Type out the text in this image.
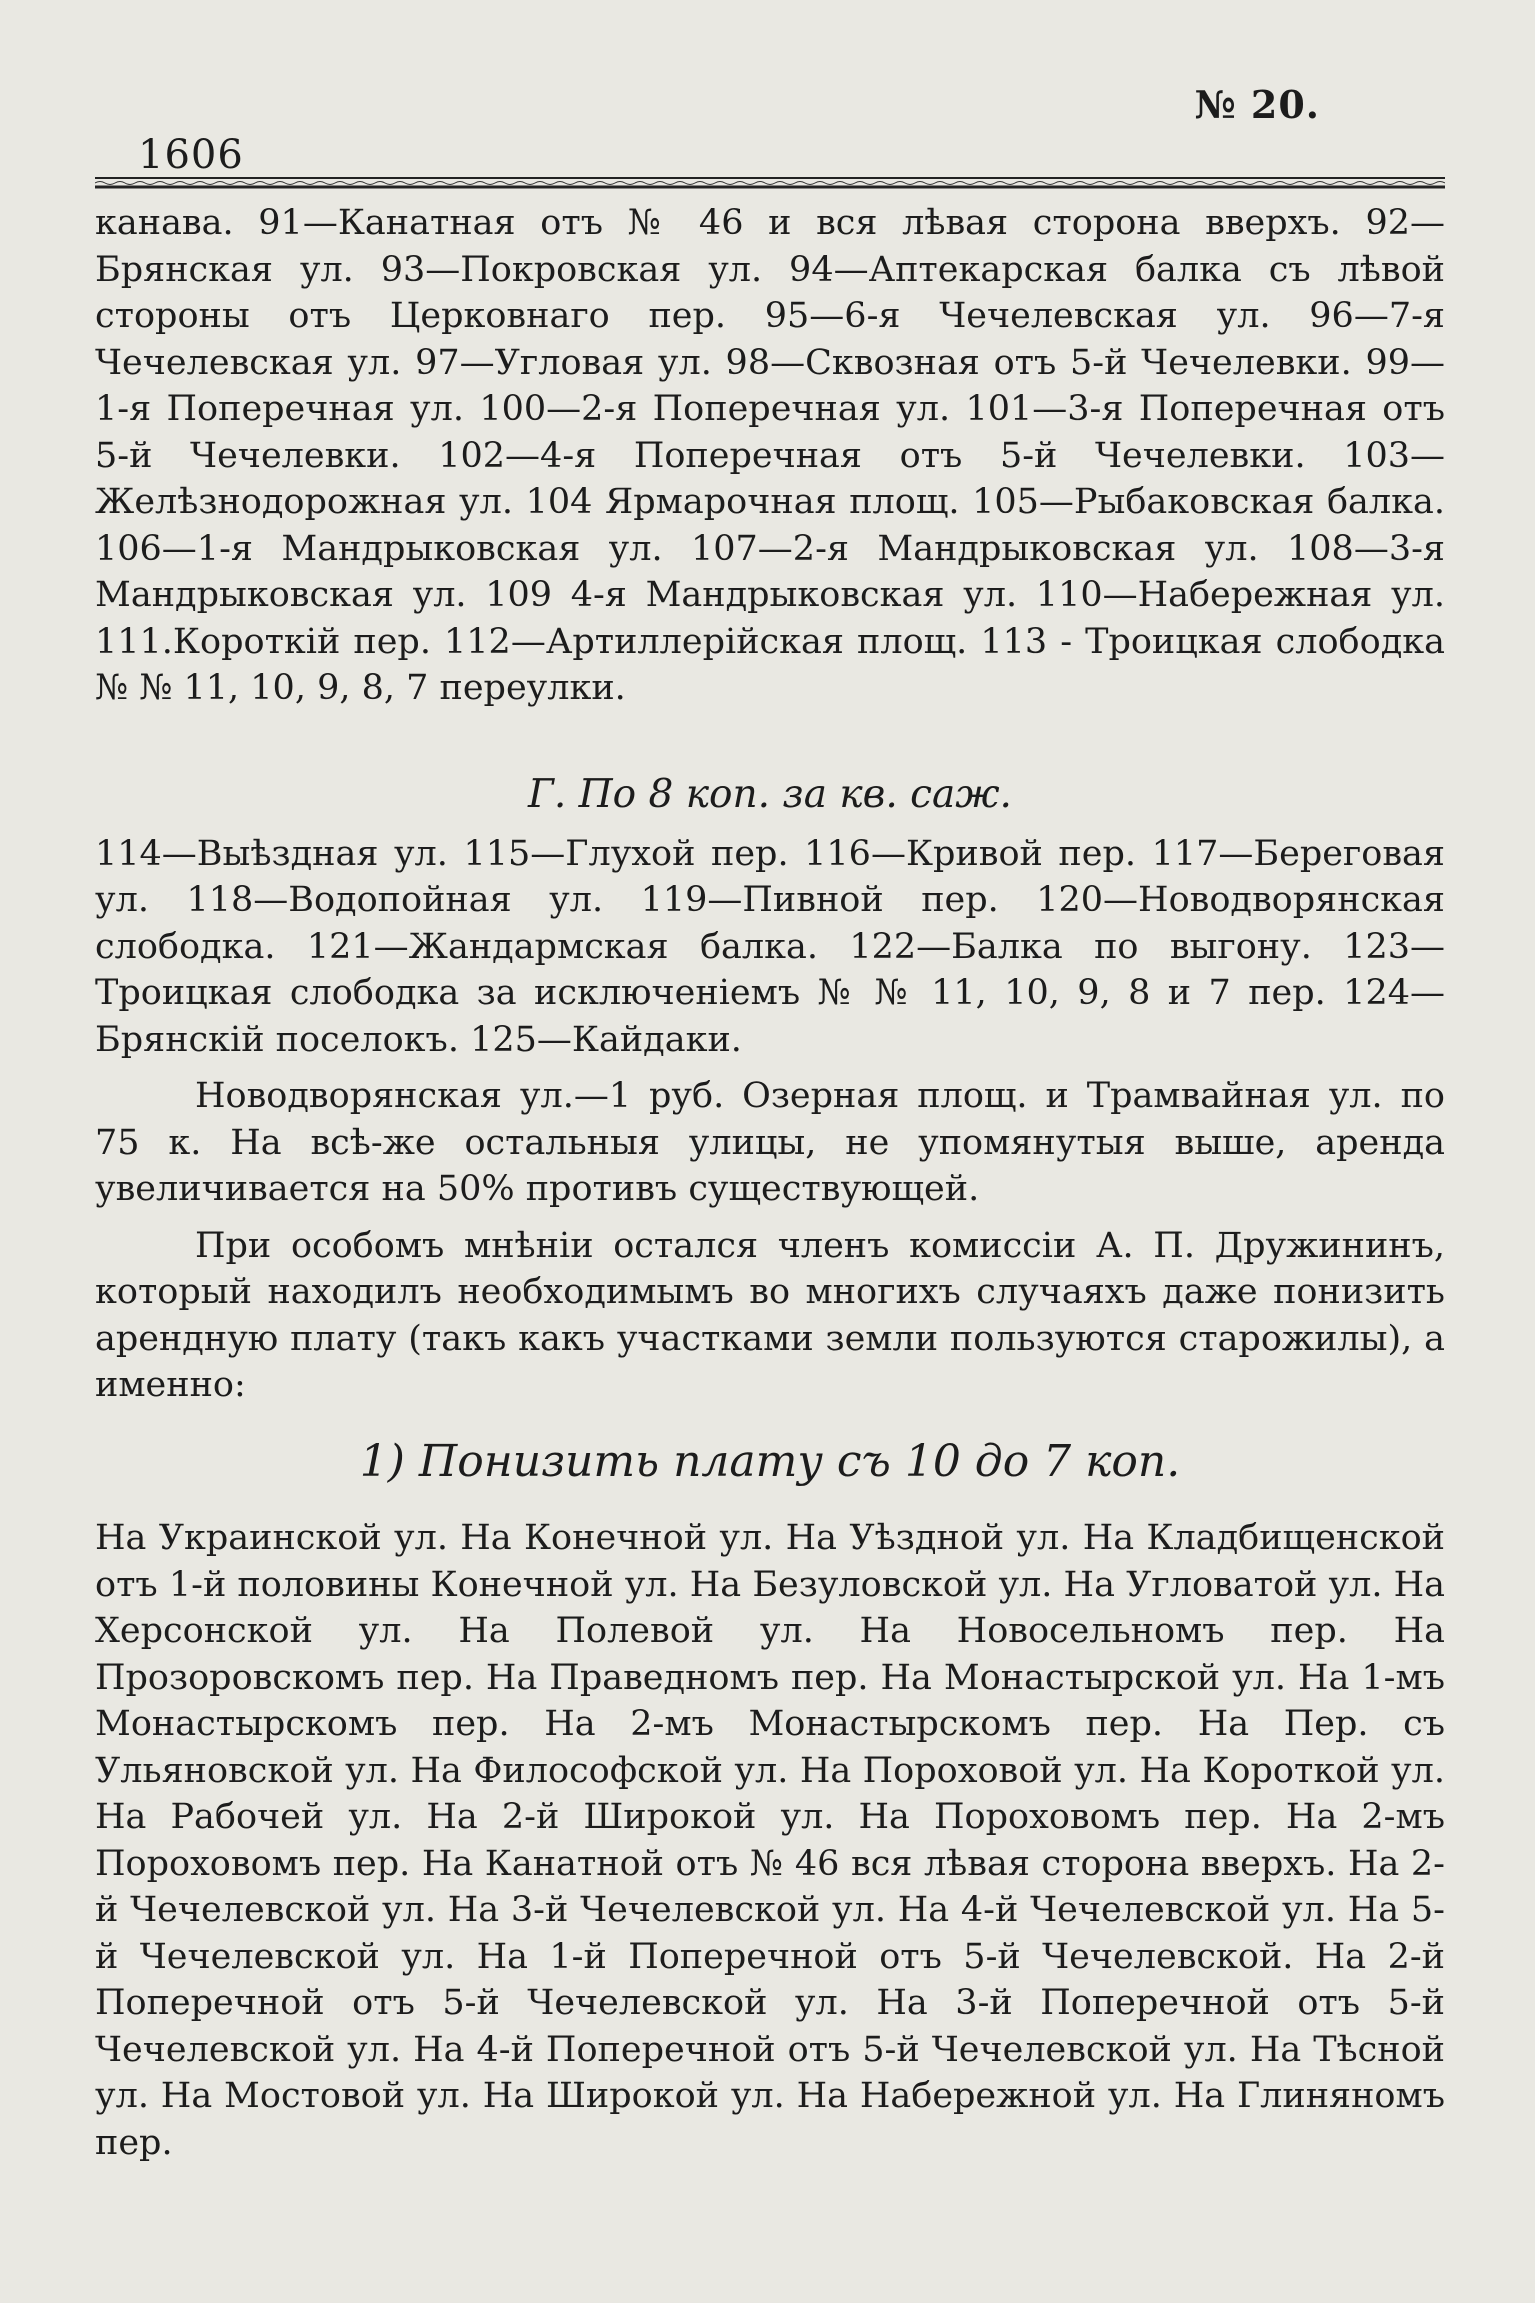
№ 20.
1606

канава. 91—Канатная отъ № 46 и вся лѣвая сторона вверхъ. 92—Брянская ул. 93—Покровская ул. 94—Аптекарская балка съ лѣвой стороны отъ Церковнаго пер. 95—6-я Чечелевская ул. 96—7-я Чечелевская ул. 97—Угловая ул. 98—Сквозная отъ 5-й Чечелевки. 99—1-я Поперечная ул. 100—2-я Поперечная ул. 101—3-я Поперечная отъ 5-й Чечелевки. 102—4-я Поперечная отъ 5-й Чечелевки. 103—Желѣзнодорожная ул. 104 Ярмарочная площ. 105—Рыбаковская балка. 106—1-я Мандрыковская ул. 107—2-я Мандрыковская ул. 108—3-я Мандрыковская ул. 109 4-я Мандрыковская ул. 110—Набережная ул. 111.Короткій пер. 112—Артиллерійская площ. 113 - Троицкая слободка № № 11, 10, 9, 8, 7 переулки.

Г. По 8 коп. за кв. саж.

114—Выѣздная ул. 115—Глухой пер. 116—Кривой пер. 117—Береговая ул. 118—Водопойная ул. 119—Пивной пер. 120—Новодворянская слободка. 121—Жандармская балка. 122—Балка по выгону. 123—Троицкая слободка за исключеніемъ № № 11, 10, 9, 8 и 7 пер. 124—Брянскій поселокъ. 125—Кайдаки.

Новодворянская ул.—1 руб. Озерная площ. и Трамвайная ул. по 75 к. На всѣ-же остальныя улицы, не упомянутыя выше, аренда увеличивается на 50% противъ существующей.

При особомъ мнѣніи остался членъ комиссіи А. П. Дружининъ, который находилъ необходимымъ во многихъ случаяхъ даже понизить арендную плату (такъ какъ участками земли пользуются старожилы), а именно:

1) Понизить плату съ 10 до 7 коп.

На Украинской ул. На Конечной ул. На Уѣздной ул. На Кладбищенской отъ 1-й половины Конечной ул. На Безуловской ул. На Угловатой ул. На Херсонской ул. На Полевой ул. На Новосельномъ пер. На Прозоровскомъ пер. На Праведномъ пер. На Монастырской ул. На 1-мъ Монастырскомъ пер. На 2-мъ Монастырскомъ пер. На Пер. съ Ульяновской ул. На Философской ул. На Пороховой ул. На Короткой ул. На Рабочей ул. На 2-й Широкой ул. На Пороховомъ пер. На 2-мъ Пороховомъ пер. На Канатной отъ № 46 вся лѣвая сторона вверхъ. На 2-й Чечелевской ул. На 3-й Чечелевской ул. На 4-й Чечелевской ул. На 5-й Чечелевской ул. На 1-й Поперечной отъ 5-й Чечелевской. На 2-й Поперечной отъ 5-й Чечелевской ул. На 3-й Поперечной отъ 5-й Чечелевской ул. На 4-й Поперечной отъ 5-й Чечелевской ул. На Тѣсной ул. На Мостовой ул. На Широкой ул. На Набережной ул. На Глиняномъ пер.
